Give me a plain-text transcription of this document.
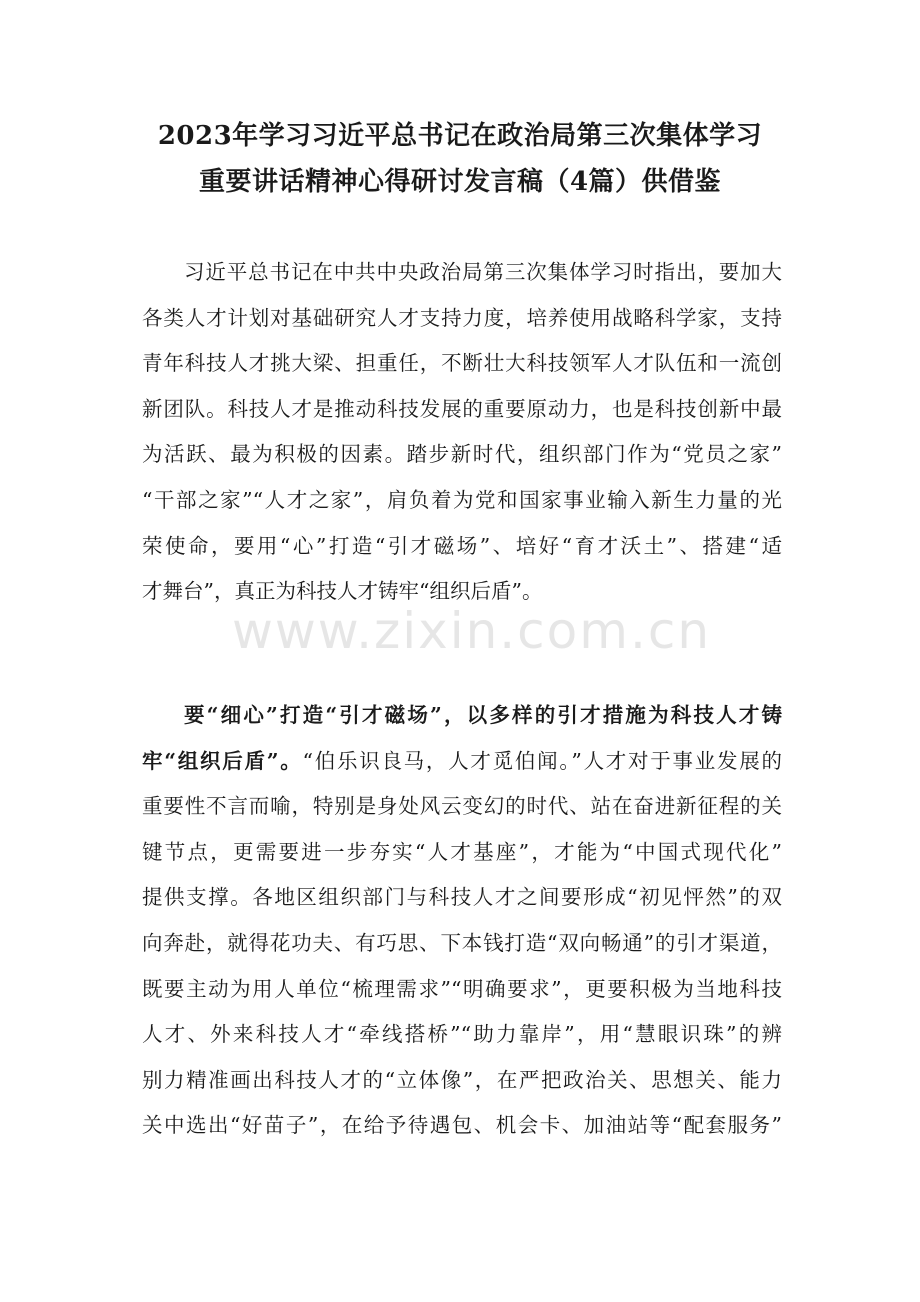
2023年学习习近平总书记在政治局第三次集体学习
重要讲话精神心得研讨发言稿（4篇）供借鉴
习近平总书记在中共中央政治局第三次集体学习时指出，要加大
各类人才计划对基础研究人才支持力度，培养使用战略科学家，支持
青年科技人才挑大梁、担重任，不断壮大科技领军人才队伍和一流创
新团队。科技人才是推动科技发展的重要原动力，也是科技创新中最
为活跃、最为积极的因素。踏步新时代，组织部门作为“党员之家”
“干部之家”“人才之家”，肩负着为党和国家事业输入新生力量的光
荣使命，要用“心”打造“引才磁场”、培好“育才沃土”、搭建“适
才舞台”，真正为科技人才铸牢“组织后盾”。
要“细心”打造“引才磁场”，以多样的引才措施为科技人才铸
牢“组织后盾”。“伯乐识良马，人才觅伯闻。”人才对于事业发展的
重要性不言而喻，特别是身处风云变幻的时代、站在奋进新征程的关
键节点，更需要进一步夯实“人才基座”，才能为“中国式现代化”
提供支撑。各地区组织部门与科技人才之间要形成“初见怦然”的双
向奔赴，就得花功夫、有巧思、下本钱打造“双向畅通”的引才渠道，
既要主动为用人单位“梳理需求”“明确要求”，更要积极为当地科技
人才、外来科技人才“牵线搭桥”“助力靠岸”，用“慧眼识珠”的辨
别力精准画出科技人才的“立体像”，在严把政治关、思想关、能力
关中选出“好苗子”，在给予待遇包、机会卡、加油站等“配套服务”
www.zixin.com.cn
